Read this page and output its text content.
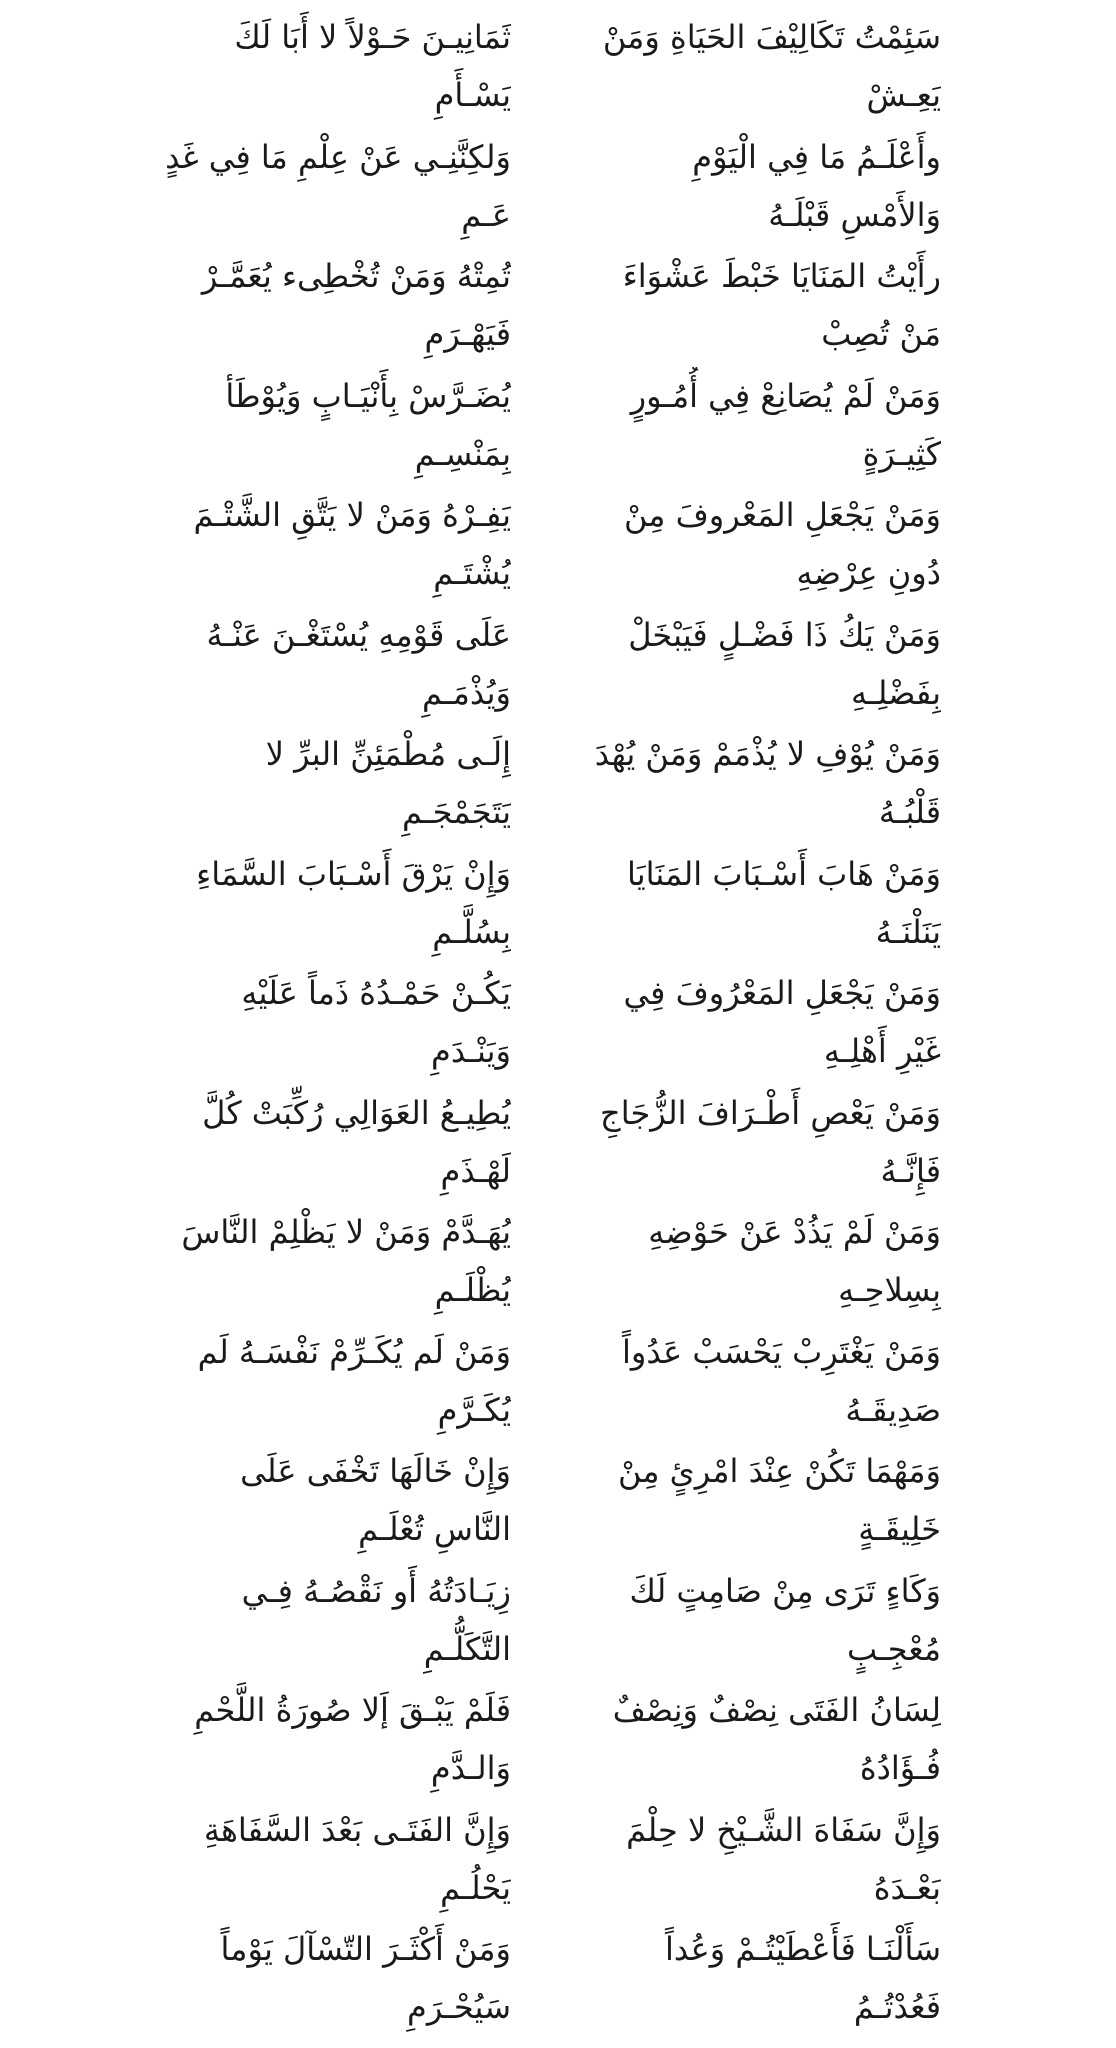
سَئِمْتُ تَكَالِيْفَ الحَيَاةِ وَمَنْ يَعِـشْ
ثَمَانِيـنَ حَـوْلاً لا أَبَا لَكَ يَسْـأَمِ
وأَعْلَـمُ مَا فِي الْيَوْمِ وَالأَمْسِ قَبْلَـهُ
وَلكِنَّنِـي عَنْ عِلْمِ مَا فِي غَدٍ عَـمِ
رأَيْتُ المَنَايَا خَبْطَ عَشْوَاءَ مَنْ تُصِبْ
تُمِتْهُ وَمَنْ تُخْطِىء يُعَمَّـرْ فَيَهْـرَمِ
وَمَنْ لَمْ يُصَانِعْ فِي أُمُـورٍ كَثِيـرَةٍ
يُضَـرَّسْ بِأَنْيَـابٍ وَيُوْطَأ بِمَنْسِـمِ
وَمَنْ يَجْعَلِ المَعْروفَ مِنْ دُونِ عِرْضِهِ
يَفِـرْهُ وَمَنْ لا يَتَّقِ الشَّتْـمَ يُشْتَـمِ
وَمَنْ يَكُ ذَا فَضْـلٍ فَيَبْخَلْ بِفَضْلِـهِ
عَلَى قَوْمِهِ يُسْتَغْـنَ عَنْـهُ وَيُذْمَـمِ
وَمَنْ يُوْفِ لا يُذْمَمْ وَمَنْ يُهْدَ قَلْبُـهُ
إِلَـى مُطْمَئِنِّ البرِّ لا يَتَجَمْجَـمِ
وَمَنْ هَابَ أَسْـبَابَ المَنَايَا يَنَلْنَـهُ
وَإِنْ يَرْقَ أَسْـبَابَ السَّمَاءِ بِسُلَّـمِ
وَمَنْ يَجْعَلِ المَعْرُوفَ فِي غَيْرِ أَهْلِـهِ
يَكُـنْ حَمْـدُهُ ذَماً عَلَيْهِ وَيَنْـدَمِ
وَمَنْ يَعْصِ أَطْـرَافَ الزُّجَاجِ فَإِنَّـهُ
يُطِيـعُ العَوَالِي رُكِّبَتْ كُلَّ لَهْـذَمِ
وَمَنْ لَمْ يَذُدْ عَنْ حَوْضِهِ بِسِلاحِـهِ
يُهَـدَّمْ وَمَنْ لا يَظْلِمْ النَّاسَ يُظْلَـمِ
وَمَنْ يَغْتَرِبْ يَحْسَبْ عَدُواً صَدِيقَـهُ
وَمَنْ لَم يُكَـرِّمْ نَفْسَـهُ لَم يُكَـرَّمِ
وَمَهْمَا تَكُنْ عِنْدَ امْرِئٍ مِنْ خَلِيقَـةٍ
وَإِنْ خَالَهَا تَخْفَى عَلَى النَّاسِ تُعْلَـمِ
وَكَاءٍ تَرَى مِنْ صَامِتٍ لَكَ مُعْجِـبٍ
زِيَـادَتُهُ أَو نَقْصُـهُ فِـي التَّكَلُّـمِ
لِسَانُ الفَتَى نِصْفٌ وَنِصْفٌ فُـؤَادُهُ
فَلَمْ يَبْـقَ إَلا صُورَةُ اللَّحْمِ وَالـدَّمِ
وَإِنَّ سَفَاهَ الشَّـيْخِ لا حِلْمَ بَعْـدَهُ
وَإِنَّ الفَتَـى بَعْدَ السَّفَاهَةِ يَحْلُـمِ
سَأَلْنَـا فَأَعْطَيْتُـمْ وَعُداً فَعُدْتُـمُ
وَمَنْ أَكْثَـرَ التّسْآلَ يَوْماً سَيُحْـرَمِ
